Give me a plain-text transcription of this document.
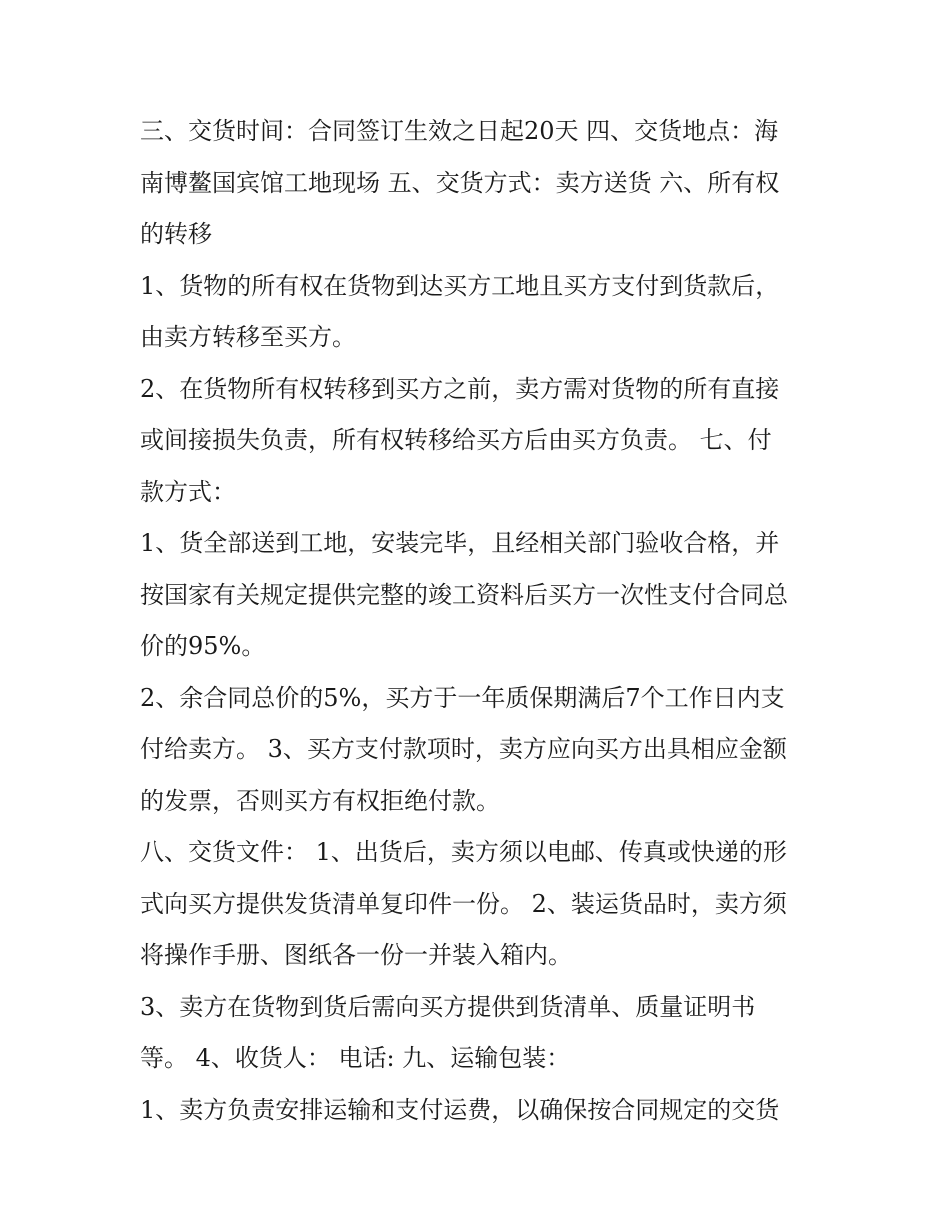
三、交货时间：合同签订生效之日起20天 四、交货地点：海
南博鳌国宾馆工地现场 五、交货方式：卖方送货 六、所有权
的转移
1、货物的所有权在货物到达买方工地且买方支付到货款后，
由卖方转移至买方。
2、在货物所有权转移到买方之前，卖方需对货物的所有直接
或间接损失负责，所有权转移给买方后由买方负责。 七、付
款方式：
1、货全部送到工地，安装完毕，且经相关部门验收合格，并
按国家有关规定提供完整的竣工资料后买方一次性支付合同总
价的95%。
2、余合同总价的5%，买方于一年质保期满后7个工作日内支
付给卖方。 3、买方支付款项时，卖方应向买方出具相应金额
的发票，否则买方有权拒绝付款。
八、交货文件： 1、出货后，卖方须以电邮、传真或快递的形
式向买方提供发货清单复印件一份。 2、装运货品时，卖方须
将操作手册、图纸各一份一并装入箱内。
3、卖方在货物到货后需向买方提供到货清单、质量证明书
等。 4、收货人： 电话: 九、运输包装：
1、卖方负责安排运输和支付运费，以确保按合同规定的交货
